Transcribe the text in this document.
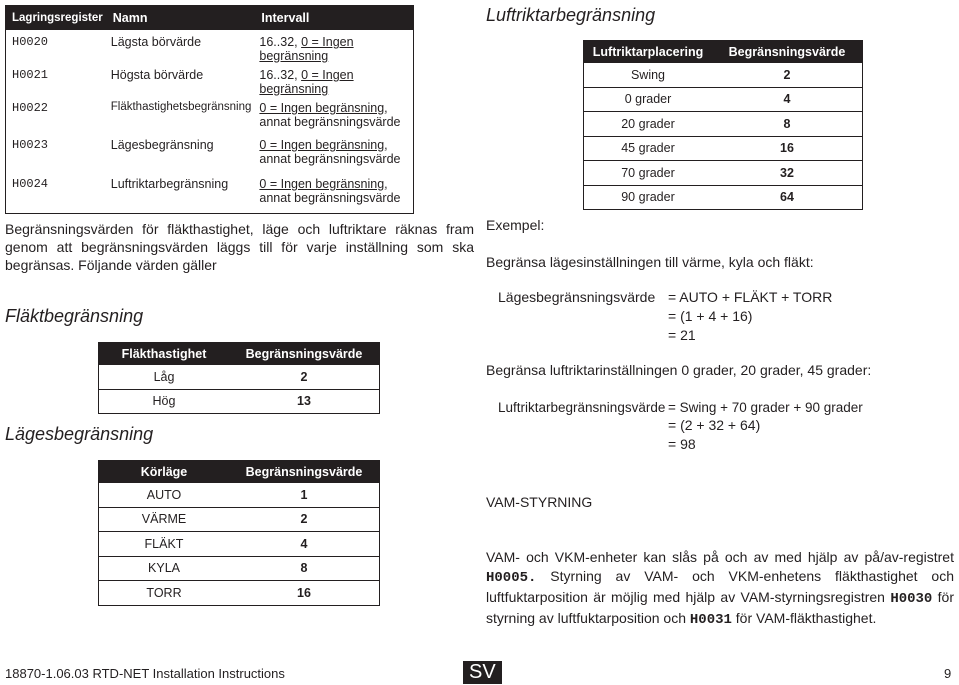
Lagringsregister	Namn	Intervall
H0020	Lägsta börvärde	16..32, 0 = Ingen begränsning
H0021	Högsta börvärde	16..32, 0 = Ingen begränsning
H0022	Fläkthastighetsbegränsning	0 = Ingen begränsning, annat begränsningsvärde
H0023	Lägesbegränsning	0 = Ingen begränsning, annat begränsningsvärde
H0024	Luftriktarbegränsning	0 = Ingen begränsning, annat begränsningsvärde
Begränsningsvärden för fläkthastighet, läge och luftriktare räknas fram genom att begränsningsvärden läggs till för varje inställning som ska begränsas. Följande värden gäller
Fläktbegränsning
Fläkthastighet	Begränsningsvärde
Låg	2
Hög	13
Lägesbegränsning
Körläge	Begränsningsvärde
AUTO	1
VÄRME	2
FLÄKT	4
KYLA	8
TORR	16
Luftriktarbegränsning
Luftriktarplacering	Begränsningsvärde
Swing	2
0 grader	4
20 grader	8
45 grader	16
70 grader	32
90 grader	64
Exempel:
Begränsa lägesinställningen till värme, kyla och fläkt:
Lägesbegränsningsvärde = AUTO + FLÄKT + TORR
= (1 + 4 + 16)
= 21
Begränsa luftriktarinställningen 0 grader, 20 grader, 45 grader:
Luftriktarbegränsningsvärde = Swing + 70 grader + 90 grader
= (2 + 32 + 64)
= 98
VAM-STYRNING
VAM- och VKM-enheter kan slås på och av med hjälp av på/av-registret H0005. Styrning av VAM- och VKM-enhetens fläkthastighet och luftfuktarposition är möjlig med hjälp av VAM-styrningsregistren H0030 för styrning av luftfuktarposition och H0031 för VAM-fläkthastighet.
18870-1.06.03 RTD-NET Installation Instructions	SV	9
